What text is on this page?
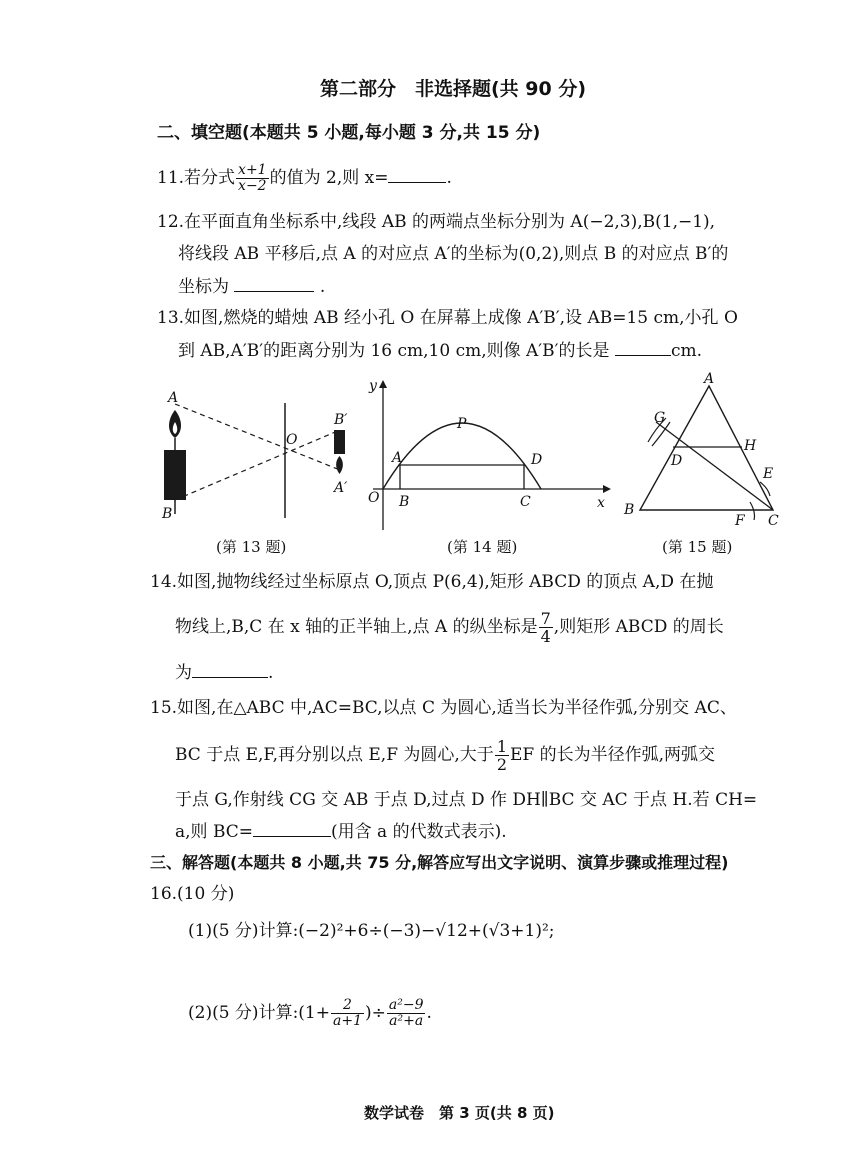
第二部分　非选择题(共 90 分)
二、填空题(本题共 5 小题,每小题 3 分,共 15 分)
11.若分式 $\frac{x+1}{x-2}$ 的值为 2,则 x=	.
12.在平面直角坐标系中,线段 AB 的两端点坐标分别为 A(−2,3),B(1,−1),
将线段 AB 平移后,点 A 的对应点 A′的坐标为(0,2),则点 B 的对应点 B′的
坐标为	.
13.如图,燃烧的蜡烛 AB 经小孔 O 在屏幕上成像 A′B′,设 AB=15 cm,小孔 O
到 AB,A′B′的距离分别为 16 cm,10 cm,则像 A′B′的长是	cm.
A
B
O
B′
A′
(第 13 题)
y
x
O
P
A
B	C
D
(第 14 题)
A
B
C
D
E
F
G
H
(第 15 题)
14.如图,抛物线经过坐标原点 O,顶点 P(6,4),矩形 ABCD 的顶点 A,D 在抛
物线上,B,C 在 x 轴的正半轴上,点 A 的纵坐标是 $\frac{7}{4}$ ,则矩形 ABCD 的周长
为	.
15.如图,在△ABC 中,AC=BC,以点 C 为圆心,适当长为半径作弧,分别交 AC、
BC 于点 E,F,再分别以点 E,F 为圆心,大于 $\frac{1}{2}$ EF 的长为半径作弧,两弧交
于点 G,作射线 CG 交 AB 于点 D,过点 D 作 DH∥BC 交 AC 于点 H.若 CH=
a,则 BC=	(用含 a 的代数式表示).
三、解答题(本题共 8 小题,共 75 分,解答应写出文字说明、演算步骤或推理过程)
16.(10 分)
(1)(5 分)计算:(−2)²+6÷(−3)−√12+(√3+1)²;
(2)(5 分)计算:(1+ $\frac{2}{a+1}$ )÷ $\frac{\text{a²−9}}{\text{a²+a}}$ .
数学试卷　第 3 页(共 8 页)
